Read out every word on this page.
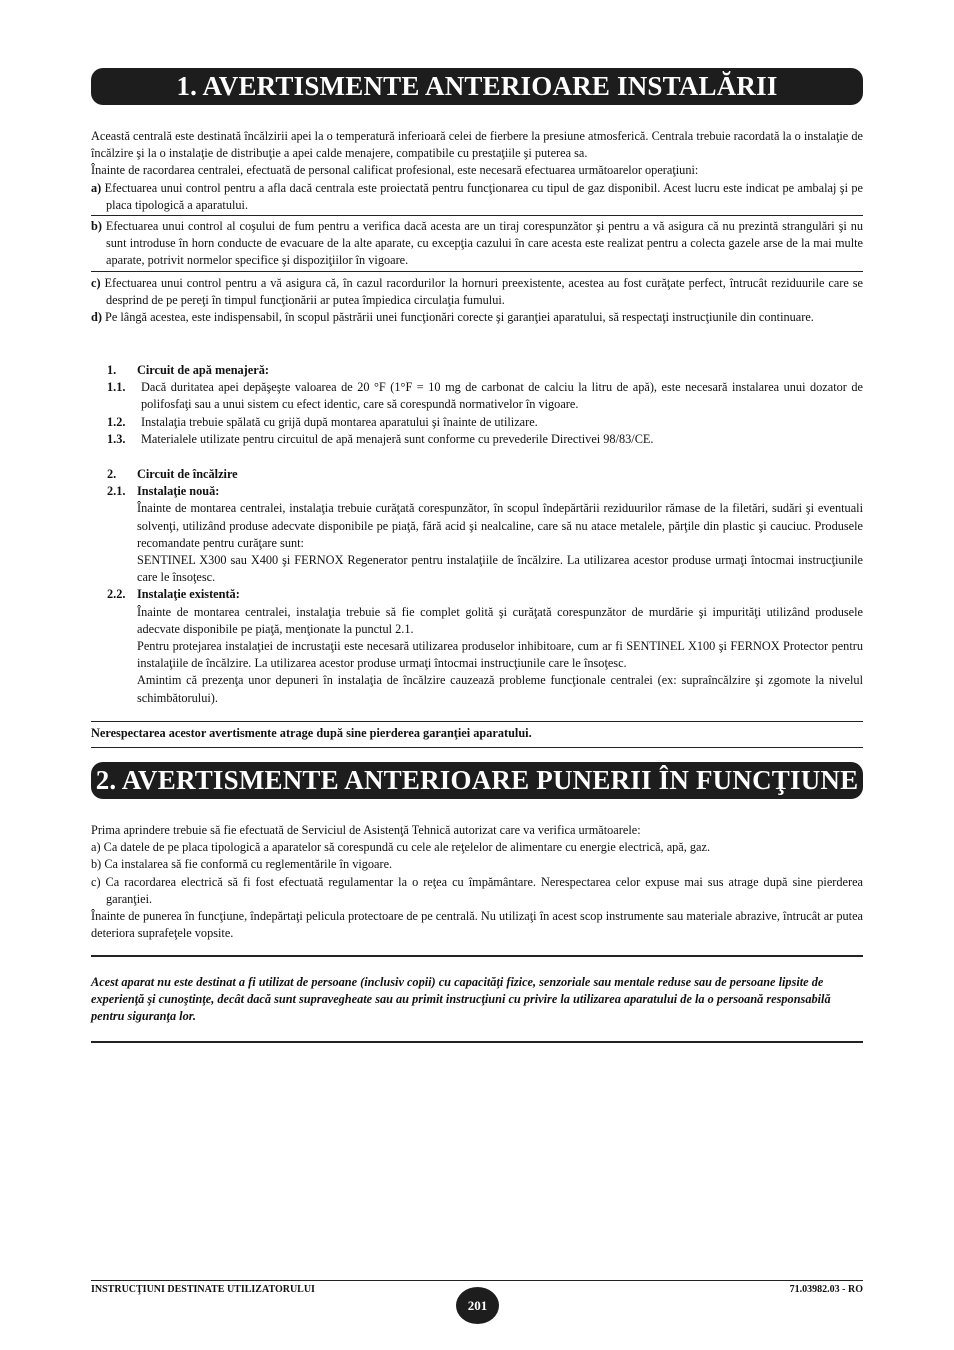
1. AVERTISMENTE ANTERIOARE INSTALĂRII

Această centrală este destinată încălzirii apei la o temperatură inferioară celei de fierbere la presiune atmosferică. Centrala trebuie racordată la o instalaţie de încălzire şi la o instalaţie de distribuţie a apei calde menajere, compatibile cu prestaţiile şi puterea sa.

Înainte de racordarea centralei, efectuată de personal calificat profesional, este necesară efectuarea următoarelor operaţiuni:

a) Efectuarea unui control pentru a afla dacă centrala este proiectată pentru funcţionarea cu tipul de gaz disponibil. Acest lucru este indicat pe ambalaj şi pe placa tipologică a aparatului.

b) Efectuarea unui control al coşului de fum pentru a verifica dacă acesta are un tiraj corespunzător şi pentru a vă asigura că nu prezintă strangulări şi nu sunt introduse în horn conducte de evacuare de la alte aparate, cu excepţia cazului în care acesta este realizat pentru a colecta gazele arse de la mai multe aparate, potrivit normelor specifice şi dispoziţiilor în vigoare.

c) Efectuarea unui control pentru a vă asigura că, în cazul racordurilor la hornuri preexistente, acestea au fost curăţate perfect, întrucât reziduurile care se desprind de pe pereţi în timpul funcţionării ar putea împiedica circulaţia fumului.

d) Pe lângă acestea, este indispensabil, în scopul păstrării unei funcţionări corecte şi garanţiei aparatului, să respectaţi instrucţiunile din continuare.

1. Circuit de apă menajeră:

1.1. Dacă duritatea apei depăşeşte valoarea de 20 °F (1°F = 10 mg de carbonat de calciu la litru de apă), este necesară instalarea unui dozator de polifosfaţi sau a unui sistem cu efect identic, care să corespundă normativelor în vigoare.

1.2. Instalaţia trebuie spălată cu grijă după montarea aparatului şi înainte de utilizare.

1.3. Materialele utilizate pentru circuitul de apă menajeră sunt conforme cu prevederile Directivei 98/83/CE.

2. Circuit de încălzire

2.1. Instalaţie nouă:

Înainte de montarea centralei, instalaţia trebuie curăţată corespunzător, în scopul îndepărtării reziduurilor rămase de la filetări, sudări şi eventuali solvenţi, utilizând produse adecvate disponibile pe piaţă, fără acid şi nealcaline, care să nu atace metalele, părţile din plastic şi cauciuc. Produsele recomandate pentru curăţare sunt:

SENTINEL X300 sau X400 şi FERNOX Regenerator pentru instalaţiile de încălzire. La utilizarea acestor produse urmaţi întocmai instrucţiunile care le însoţesc.

2.2. Instalaţie existentă:

Înainte de montarea centralei, instalaţia trebuie să fie complet golită şi curăţată corespunzător de murdărie şi impurităţi utilizând produsele adecvate disponibile pe piaţă, menţionate la punctul 2.1.

Pentru protejarea instalaţiei de incrustaţii este necesară utilizarea produselor inhibitoare, cum ar fi SENTINEL X100 şi FERNOX Protector pentru instalaţiile de încălzire. La utilizarea acestor produse urmaţi întocmai instrucţiunile care le însoţesc.

Amintim că prezenţa unor depuneri în instalaţia de încălzire cauzează probleme funcţionale centralei (ex: supraîncălzire şi zgomote la nivelul schimbătorului).

Nerespectarea acestor avertismente atrage după sine pierderea garanţiei aparatului.
2. AVERTISMENTE ANTERIOARE PUNERII ÎN FUNCŢIUNE

Prima aprindere trebuie să fie efectuată de Serviciul de Asistenţă Tehnică autorizat care va verifica următoarele:

a) Ca datele de pe placa tipologică a aparatelor să corespundă cu cele ale reţelelor de alimentare cu energie electrică, apă, gaz.

b) Ca instalarea să fie conformă cu reglementările în vigoare.

c) Ca racordarea electrică să fi fost efectuată regulamentar la o reţea cu împământare. Nerespectarea celor expuse mai sus atrage după sine pierderea garanţiei.

Înainte de punerea în funcţiune, îndepărtaţi pelicula protectoare de pe centrală. Nu utilizaţi în acest scop instrumente sau materiale abrazive, întrucât ar putea deteriora suprafeţele vopsite.

Acest aparat nu este destinat a fi utilizat de persoane (inclusiv copii) cu capacităţi fizice, senzoriale sau mentale reduse sau de persoane lipsite de experienţă şi cunoştinţe, decât dacă sunt supravegheate sau au primit instrucţiuni cu privire la utilizarea aparatului de la o persoană responsabilă pentru siguranţa lor.
INSTRUCŢIUNI DESTINATE UTILIZATORULUI
201
71.03982.03 - RO
